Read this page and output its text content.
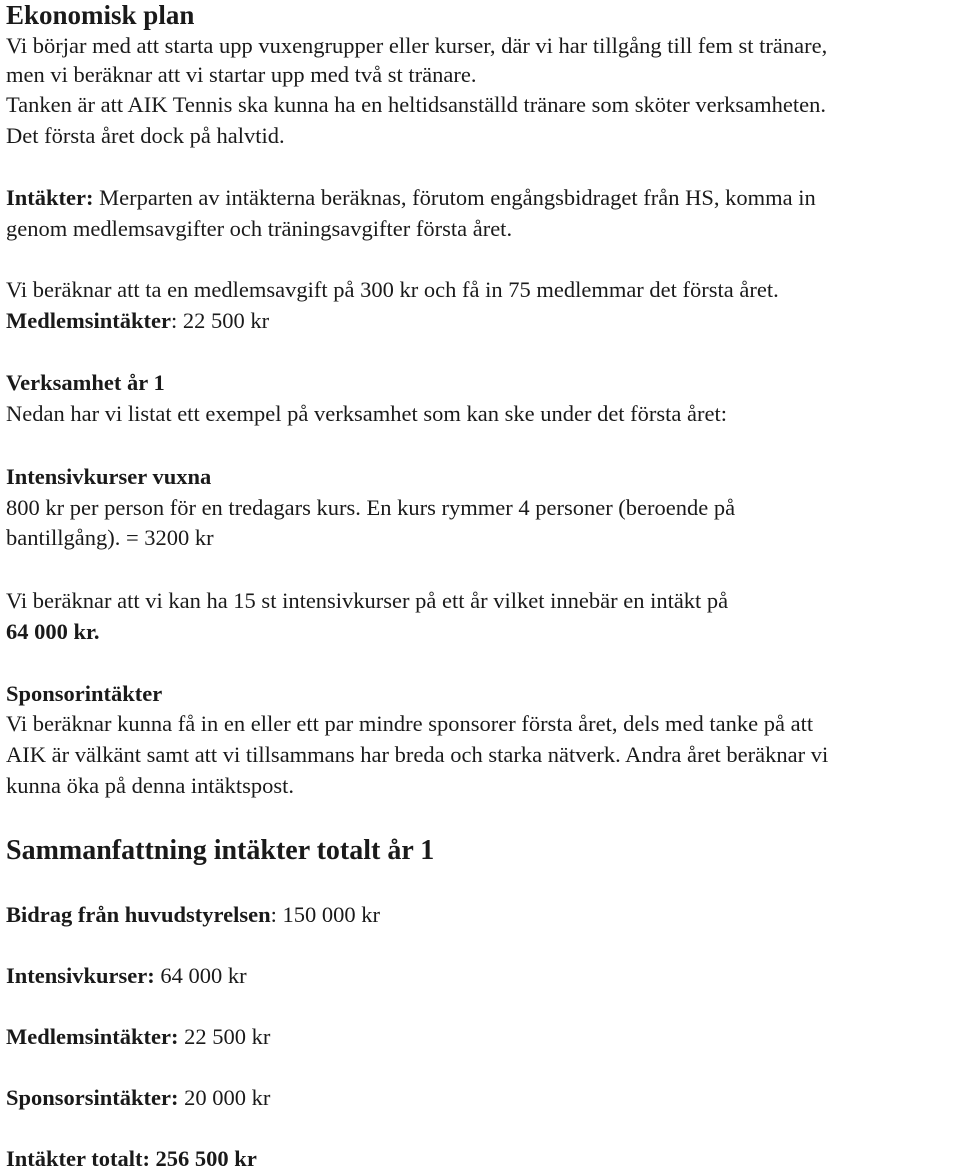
Ekonomisk plan
Vi börjar med att starta upp vuxengrupper eller kurser, där vi har tillgång till fem st tränare,
men vi beräknar att vi startar upp med två st tränare.
Tanken är att AIK Tennis ska kunna ha en heltidsanställd tränare som sköter verksamheten.
Det första året dock på halvtid.
Intäkter: Merparten av intäkterna beräknas, förutom engångsbidraget från HS, komma in
genom medlemsavgifter och träningsavgifter första året.
Vi beräknar att ta en medlemsavgift på 300 kr och få in 75 medlemmar det första året.
Medlemsintäkter: 22 500 kr
Verksamhet år 1
Nedan har vi listat ett exempel på verksamhet som kan ske under det första året:
Intensivkurser vuxna
800 kr per person för en tredagars kurs. En kurs rymmer 4 personer (beroende på
bantillgång). = 3200 kr
Vi beräknar att vi kan ha 15 st intensivkurser på ett år vilket innebär en intäkt på
64 000 kr.
Sponsorintäkter
Vi beräknar kunna få in en eller ett par mindre sponsorer första året, dels med tanke på att
AIK är välkänt samt att vi tillsammans har breda och starka nätverk. Andra året beräknar vi
kunna öka på denna intäktspost.
Sammanfattning intäkter totalt år 1
Bidrag från huvudstyrelsen: 150 000 kr
Intensivkurser: 64 000 kr
Medlemsintäkter: 22 500 kr
Sponsorsintäkter: 20 000 kr
Intäkter totalt: 256 500 kr
